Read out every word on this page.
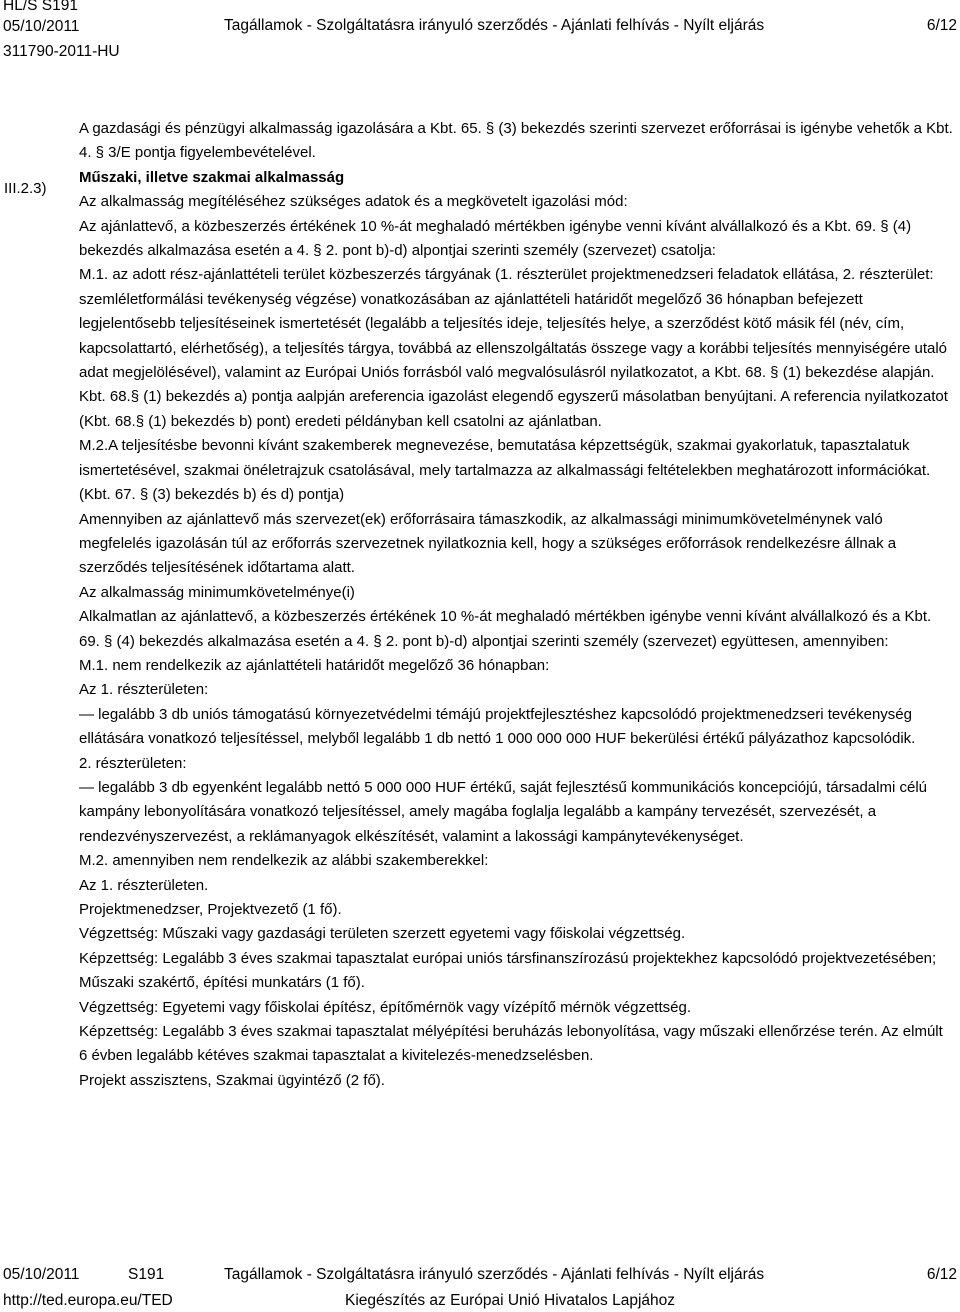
HL/S S191
05/10/2011
311790-2011-HU
Tagállamok - Szolgáltatásra irányuló szerződés - Ajánlati felhívás - Nyílt eljárás	6/12
III.2.3)

A gazdasági és pénzügyi alkalmasság igazolására a Kbt. 65. § (3) bekezdés szerinti szervezet erőforrásai is igénybe vehetők a Kbt. 4. § 3/E pontja figyelembevételével.

Műszaki, illetve szakmai alkalmasság

Az alkalmasság megítéléséhez szükséges adatok és a megkövetelt igazolási mód:

Az ajánlattevő, a közbeszerzés értékének 10 %-át meghaladó mértékben igénybe venni kívánt alvállalkozó és a Kbt. 69. § (4) bekezdés alkalmazása esetén a 4. § 2. pont b)-d) alpontjai szerinti személy (szervezet) csatolja:

M.1. az adott rész-ajánlattételi terület közbeszerzés tárgyának (1. részterület projektmenedzseri feladatok ellátása, 2. részterület: szemléletformálási tevékenység végzése) vonatkozásában az ajánlattételi határidőt megelőző 36 hónapban befejezett legjelentősebb teljesítéseinek ismertetését (legalább a teljesítés ideje, teljesítés helye, a szerződést kötő másik fél (név, cím, kapcsolattartó, elérhetőség), a teljesítés tárgya, továbbá az ellenszolgáltatás összege vagy a korábbi teljesítés mennyiségére utaló adat megjelölésével), valamint az Európai Uniós forrásból való megvalósulásról nyilatkozatot, a Kbt. 68. § (1) bekezdése alapján.

Kbt. 68.§ (1) bekezdés a) pontja aalpján areferencia igazolást elegendő egyszerű másolatban benyújtani. A referencia nyilatkozatot (Kbt. 68.§ (1) bekezdés b) pont) eredeti példányban kell csatolni az ajánlatban.

M.2.A teljesítésbe bevonni kívánt szakemberek megnevezése, bemutatása képzettségük, szakmai gyakorlatuk, tapasztalatuk ismertetésével, szakmai önéletrajzuk csatolásával, mely tartalmazza az alkalmassági feltételekben meghatározott információkat. (Kbt. 67. § (3) bekezdés b) és d) pontja)

Amennyiben az ajánlattevő más szervezet(ek) erőforrásaira támaszkodik, az alkalmassági minimumkövetelménynek való megfelelés igazolásán túl az erőforrás szervezetnek nyilatkoznia kell, hogy a szükséges erőforrások rendelkezésre állnak a szerződés teljesítésének időtartama alatt.

Az alkalmasság minimumkövetelménye(i)

Alkalmatlan az ajánlattevő, a közbeszerzés értékének 10 %-át meghaladó mértékben igénybe venni kívánt alvállalkozó és a Kbt. 69. § (4) bekezdés alkalmazása esetén a 4. § 2. pont b)-d) alpontjai szerinti személy (szervezet) együttesen, amennyiben:

M.1. nem rendelkezik az ajánlattételi határidőt megelőző 36 hónapban:

Az 1. részterületen:

— legalább 3 db uniós támogatású környezetvédelmi témájú projektfejlesztéshez kapcsolódó projektmenedzseri tevékenység ellátására vonatkozó teljesítéssel, melyből legalább 1 db nettó 1 000 000 000 HUF bekerülési értékű pályázathoz kapcsolódik.

2. részterületen:

— legalább 3 db egyenként legalább nettó 5 000 000 HUF értékű, saját fejlesztésű kommunikációs koncepciójú, társadalmi célú kampány lebonyolítására vonatkozó teljesítéssel, amely magába foglalja legalább a kampány tervezését, szervezését, a rendezvényszervezést, a reklámanyagok elkészítését, valamint a lakossági kampánytevékenységet.

M.2. amennyiben nem rendelkezik az alábbi szakemberekkel:

Az 1. részterületen.

Projektmenedzser, Projektvezető (1 fő).

Végzettség: Műszaki vagy gazdasági területen szerzett egyetemi vagy főiskolai végzettség.

Képzettség: Legalább 3 éves szakmai tapasztalat európai uniós társfinanszírozású projektekhez kapcsolódó projektvezetésében;

Műszaki szakértő, építési munkatárs (1 fő).

Végzettség: Egyetemi vagy főiskolai építész, építőmérnök vagy vízépítő mérnök végzettség.

Képzettség: Legalább 3 éves szakmai tapasztalat mélyépítési beruházás lebonyolítása, vagy műszaki ellenőrzése terén. Az elmúlt 6 évben legalább kétéves szakmai tapasztalat a kivitelezés-menedzselésben.

Projekt asszisztens, Szakmai ügyintéző (2 fő).

05/10/2011	S191	Tagállamok - Szolgáltatásra irányuló szerződés - Ajánlati felhívás - Nyílt eljárás	6/12
http://ted.europa.eu/TED	Kiegészítés az Európai Unió Hivatalos Lapjához
